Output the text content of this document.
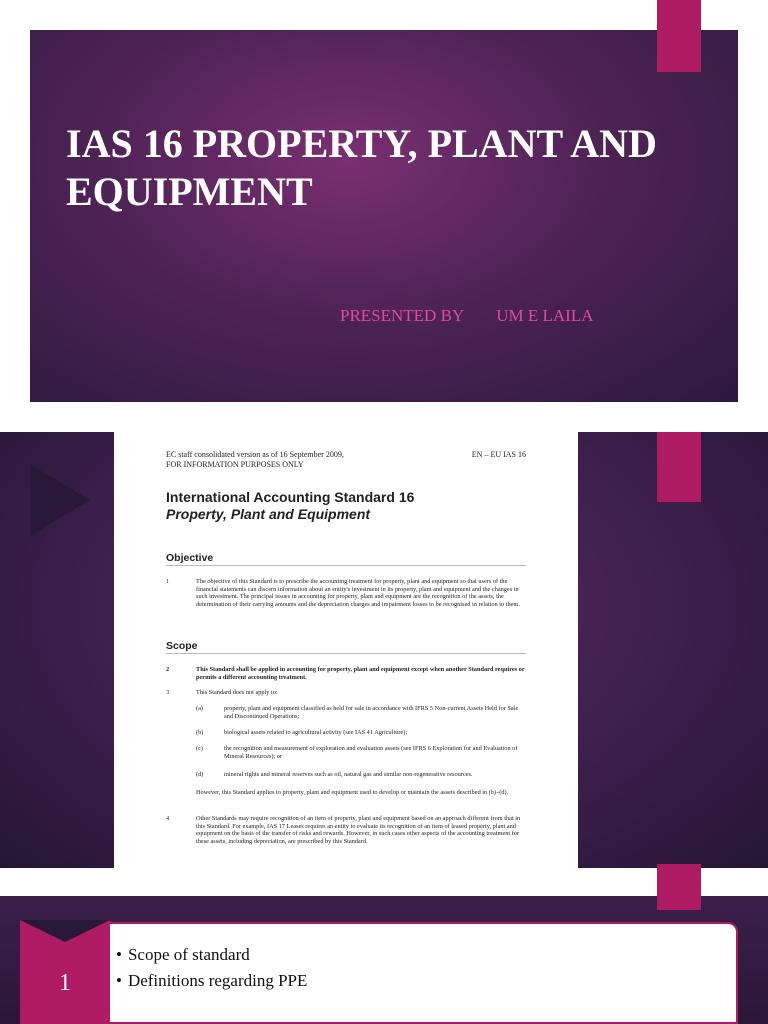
IAS 16 PROPERTY, PLANT AND EQUIPMENT
PRESENTED BY UM E LAILA
EC staff consolidated version as of 16 September 2009,
FOR INFORMATION PURPOSES ONLY
EN – EU IAS 16
International Accounting Standard 16
Property, Plant and Equipment
Objective
1	The objective of this Standard is to prescribe the accounting treatment for property, plant and equipment so that users of the financial statements can discern information about an entity's investment in its property, plant and equipment and the changes in such investment. The principal issues in accounting for property, plant and equipment are the recognition of the assets, the determination of their carrying amounts and the depreciation charges and impairment losses to be recognised in relation to them.
Scope
2	This Standard shall be applied in accounting for property, plant and equipment except when another Standard requires or permits a different accounting treatment.
3	This Standard does not apply to:
(a)	property, plant and equipment classified as held for sale in accordance with IFRS 5 Non-current Assets Held for Sale and Discontinued Operations;
(b)	biological assets related to agricultural activity (see IAS 41 Agriculture);
(c)	the recognition and measurement of exploration and evaluation assets (see IFRS 6 Exploration for and Evaluation of Mineral Resources); or
(d)	mineral rights and mineral reserves such as oil, natural gas and similar non-regenerative resources.
However, this Standard applies to property, plant and equipment used to develop or maintain the assets described in (b)–(d).
4	Other Standards may require recognition of an item of property, plant and equipment based on an approach different from that in this Standard. For example, IAS 17 Leases requires an entity to evaluate its recognition of an item of leased property, plant and equipment on the basis of the transfer of risks and rewards. However, in such cases other aspects of the accounting treatment for these assets, including depreciation, are prescribed by this Standard.
• Scope of standard
• Definitions regarding PPE
1
